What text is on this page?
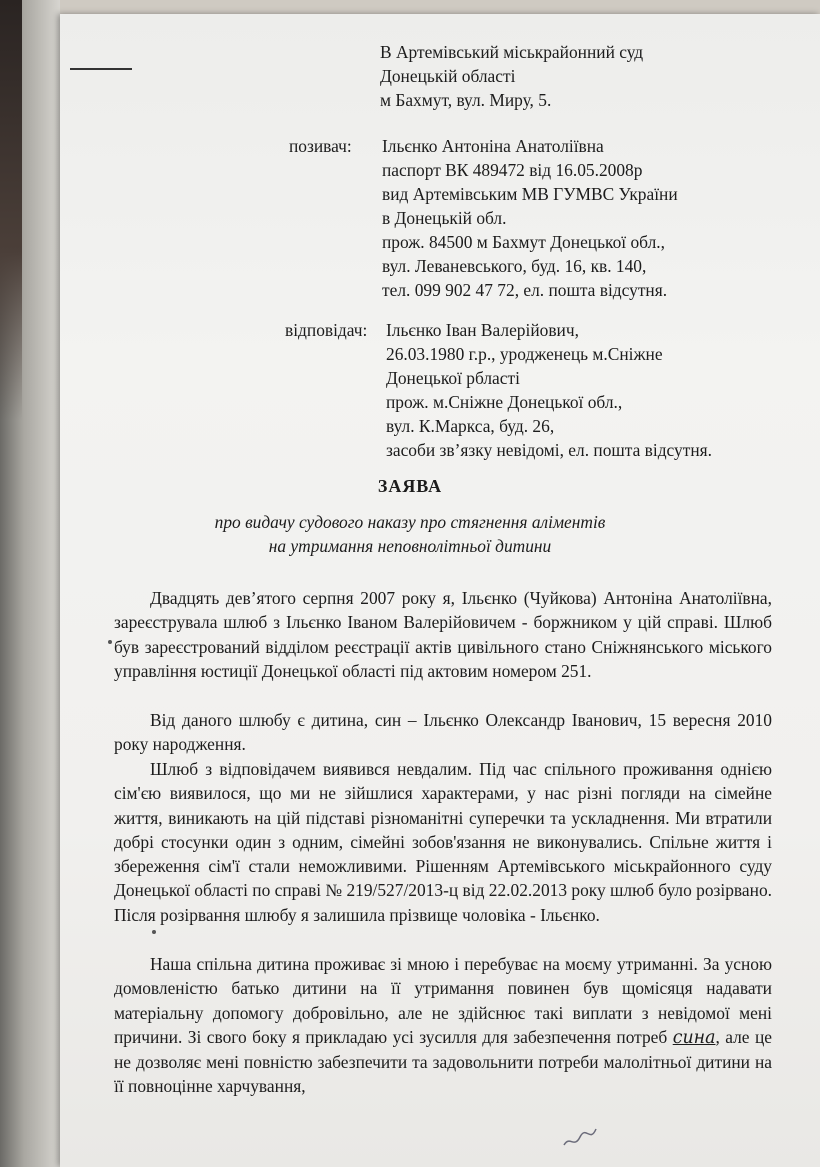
В Артемівський міськрайонний суд
Донецькій області
м Бахмут, вул. Миру, 5.
позивач: Ільєнко Антоніна Анатоліївна
паспорт ВК 489472 від 16.05.2008р
вид Артемівським МВ ГУМВС України
в Донецькій обл.
прож. 84500 м Бахмут Донецької обл.,
вул. Леваневського, буд. 16, кв. 140,
тел. 099 902 47 72, ел. пошта відсутня.
відповідач: Ільєнко Іван Валерійович,
26.03.1980 г.р., уродженець м.Сніжне
Донецької рбласті
прож. м.Сніжне Донецької обл.,
вул. К.Маркса, буд. 26,
засоби зв’язку невідомі, ел. пошта відсутня.
ЗАЯВА
про видачу судового наказу про стягнення аліментів
на утримання неповнолітньої дитини
Двадцять дев’ятого серпня 2007 року я, Ільєнко (Чуйкова) Антоніна Анатоліївна, зареєструвала шлюб з Ільєнко Іваном Валерійовичем - боржником у цій справі. Шлюб був зареєстрований відділом реєстрації актів цивільного стано Сніжнянського міського управління юстиції Донецької області під актовим номером 251.
Від даного шлюбу є дитина, син – Ільєнко Олександр Іванович, 15 вересня 2010 року народження.
Шлюб з відповідачем виявився невдалим. Під час спільного проживання однією сім'єю виявилося, що ми не зійшлися характерами, у нас різні погляди на сімейне життя, виникають на цій підставі різноманітні суперечки та ускладнення. Ми втратили добрі стосунки один з одним, сімейні зобов'язання не виконувались. Спільне життя і збереження сім'ї стали неможливими. Рішенням Артемівського міськрайонного суду Донецької області по справі № 219/527/2013-ц від 22.02.2013 року шлюб було розірвано. Після розірвання шлюбу я залишила прізвище чоловіка - Ільєнко.
Наша спільна дитина проживає зі мною і перебуває на моєму утриманні. За усною домовленістю батько дитини на її утримання повинен був щомісяця надавати матеріальну допомогу добровільно, але не здійснює такі виплати з невідомої мені причини. Зі свого боку я прикладаю усі зусилля для забезпечення потреб сина, але це не дозволяє мені повністю забезпечити та задовольнити потреби малолітньої дитини на її повноцінне харчування,
